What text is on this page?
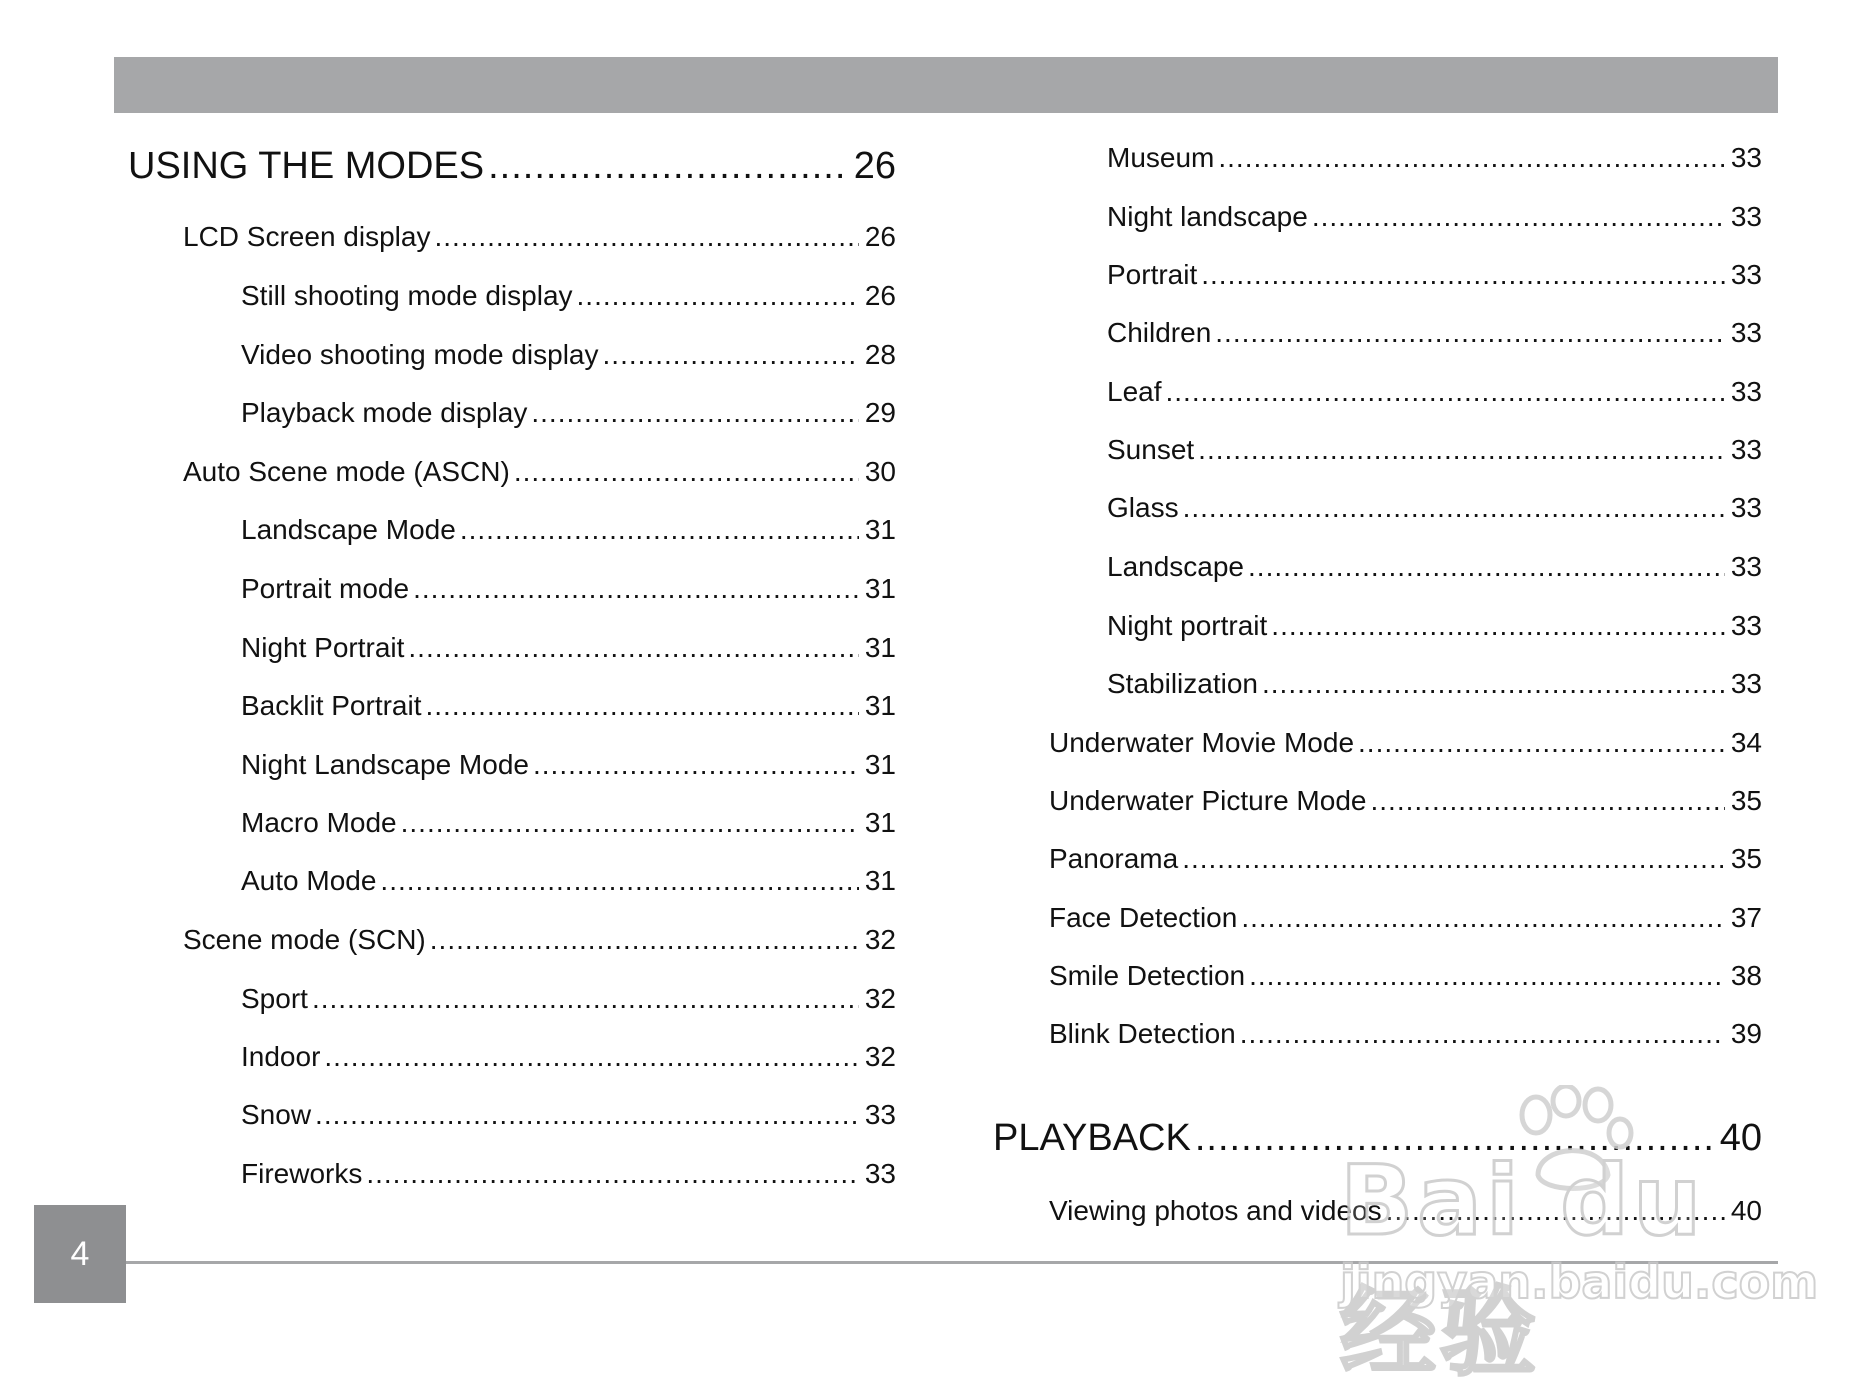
USING THE MODES .....	26
LCD Screen display .....	26
Still shooting mode display .....	26
Video shooting mode display .....	28
Playback mode display .....	29
Auto Scene mode (ASCN) .....	30
Landscape Mode .....	31
Portrait mode .....	31
Night Portrait .....	31
Backlit Portrait .....	31
Night Landscape Mode .....	31
Macro Mode .....	31
Auto Mode .....	31
Scene mode (SCN) .....	32
Sport .....	32
Indoor .....	32
Snow .....	33
Fireworks .....	33
Museum .....	33
Night landscape .....	33
Portrait .....	33
Children .....	33
Leaf .....	33
Sunset .....	33
Glass .....	33
Landscape .....	33
Night portrait .....	33
Stabilization .....	33
Underwater Movie Mode .....	34
Underwater Picture Mode .....	35
Panorama .....	35
Face Detection .....	37
Smile Detection .....	38
Blink Detection .....	39
PLAYBACK .....	40
Viewing photos and videos .....	40
4	Bai du 经验
jingyan.baidu.com
